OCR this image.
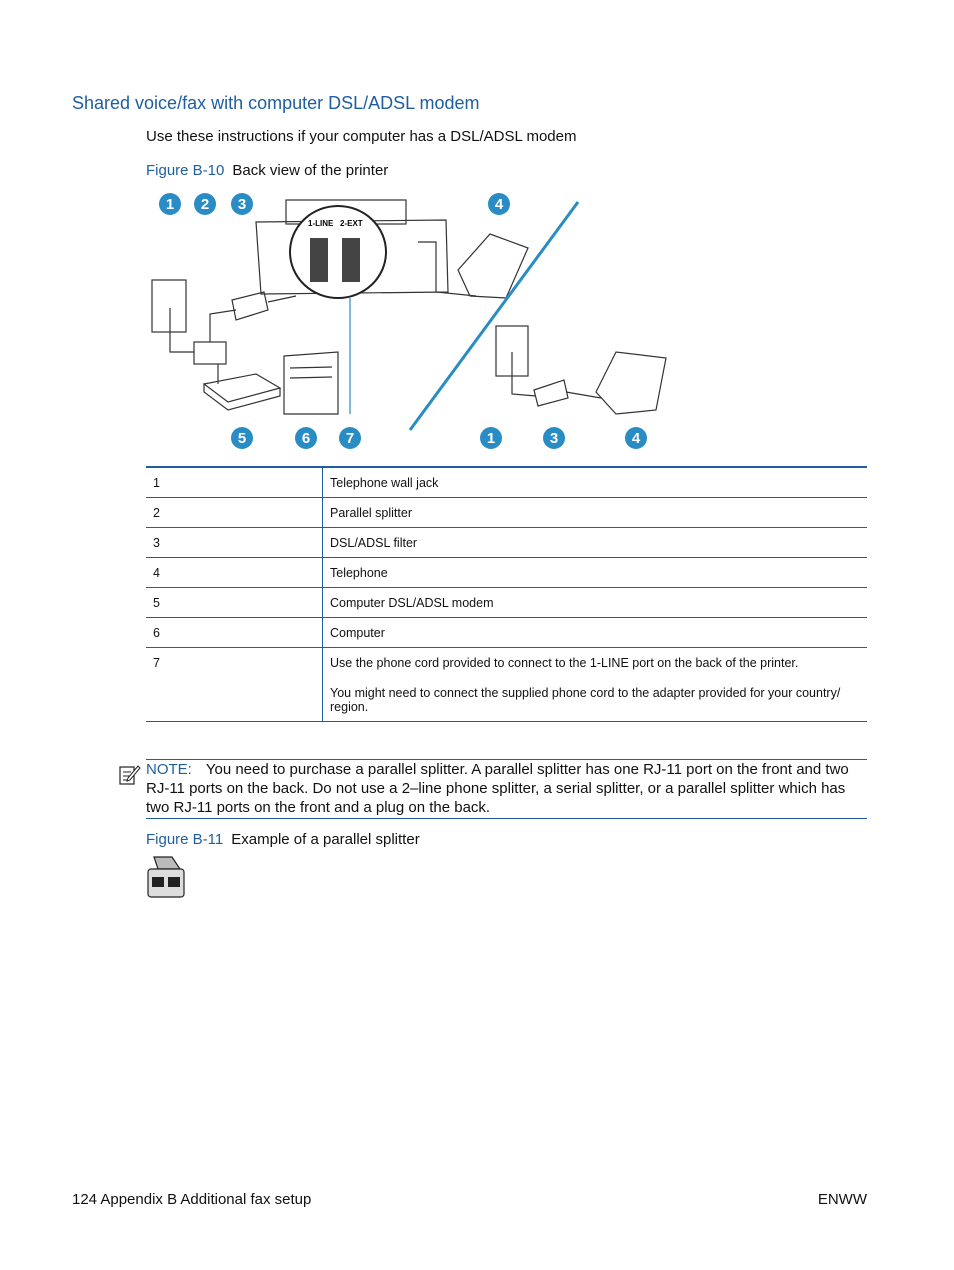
Shared voice/fax with computer DSL/ADSL modem
Use these instructions if your computer has a DSL/ADSL modem
Figure B-10 Back view of the printer
1-LINE 2-EXT
1 2 3	4
5	6 7	1	3	4
1	Telephone wall jack

2	Parallel splitter

3	DSL/ADSL filter

4	Telephone

5	Computer DSL/ADSL modem

6	Computer

7	Use the phone cord provided to connect to the 1-LINE port on the back of the printer.

You might need to connect the supplied phone cord to the adapter provided for your country/ region.

NOTE: You need to purchase a parallel splitter. A parallel splitter has one RJ-11 port on the front and two RJ-11 ports on the back. Do not use a 2–line phone splitter, a serial splitter, or a parallel splitter which has two RJ-11 ports on the front and a plug on the back.
Figure B-11 Example of a parallel splitter
124 Appendix B Additional fax setup	ENWW
